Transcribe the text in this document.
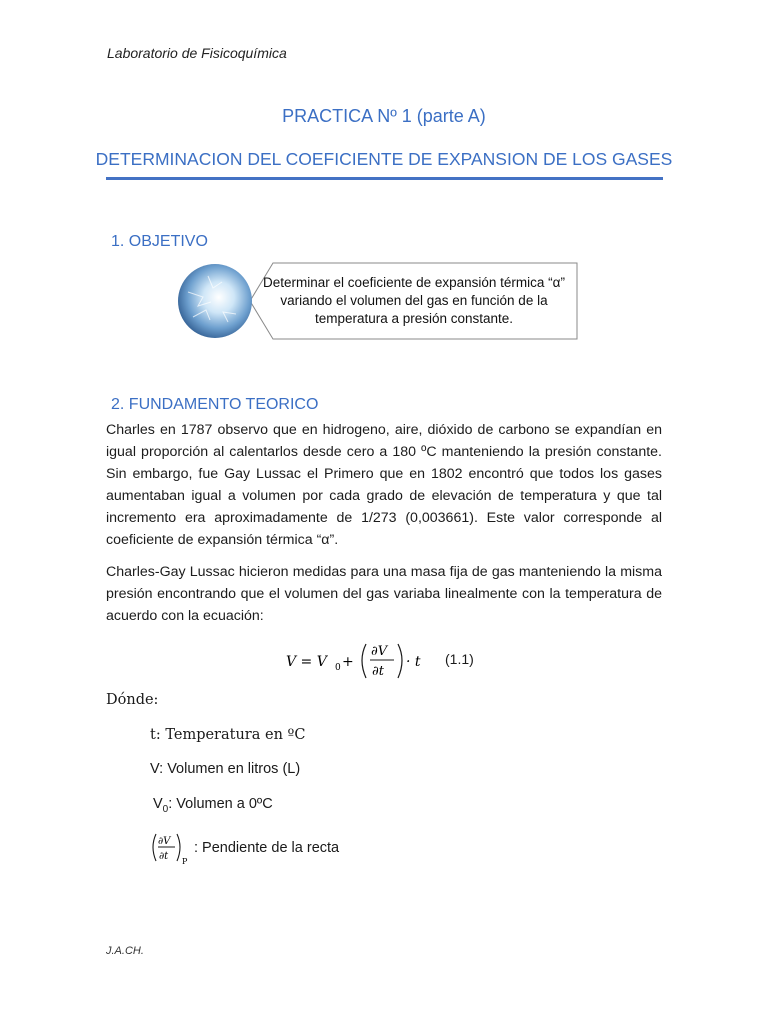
Laboratorio de Fisicoquímica
PRACTICA Nº 1 (parte A)
DETERMINACION DEL COEFICIENTE DE EXPANSION DE LOS GASES
1. OBJETIVO
Determinar el coeficiente de expansión térmica “α” variando el volumen del gas en función de la temperatura a presión constante.
2. FUNDAMENTO TEORICO
Charles en 1787 observo que en hidrogeno, aire, dióxido de carbono se expandían en igual proporción al calentarlos desde cero a 180 ºC manteniendo la presión constante. Sin embargo, fue Gay Lussac el Primero que en 1802 encontró que todos los gases aumentaban igual a volumen por cada grado de elevación de temperatura y que tal incremento era aproximadamente de 1/273 (0,003661). Este valor corresponde al coeficiente de expansión térmica “α”.
Charles-Gay Lussac hicieron medidas para una masa fija de gas manteniendo la misma presión encontrando que el volumen del gas variaba linealmente con la temperatura de acuerdo con la ecuación:
V = V 0 +
∂V
∂t
· t (1.1)
Dónde:
t: Temperatura en ºC
V: Volumen en litros (L)
$V_0$: Volumen a 0ºC
∂V
∂t P
: Pendiente de la recta
J.A.CH.
